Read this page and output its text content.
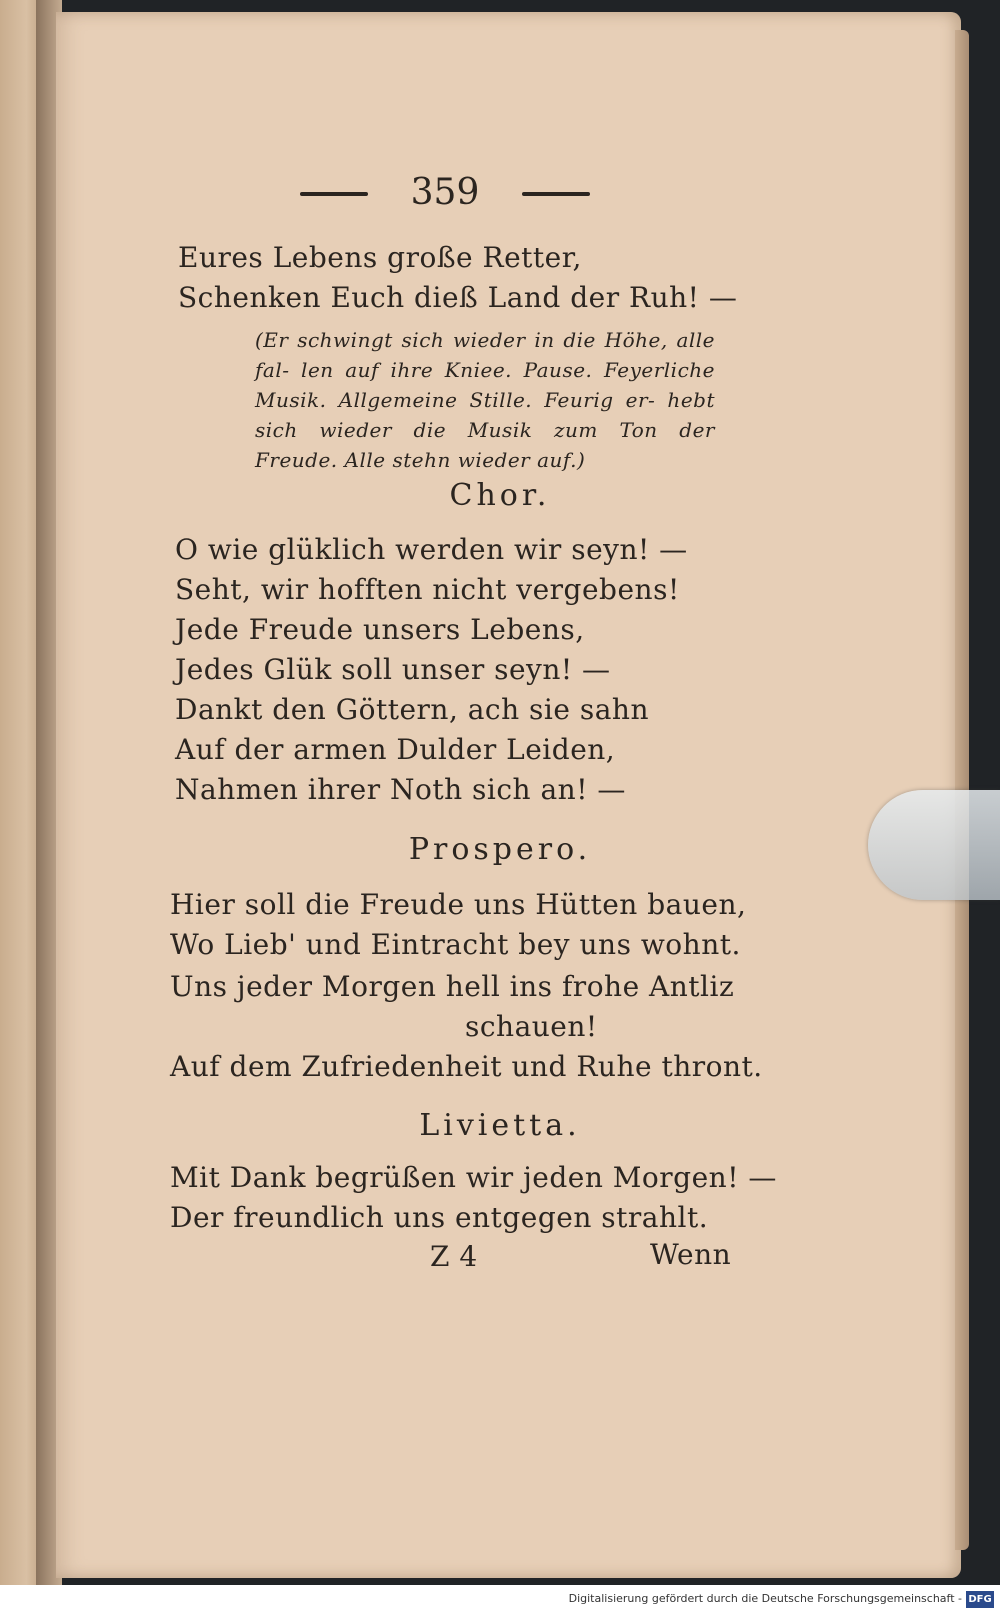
359
Eures Lebens große Retter,
Schenken Euch dieß Land der Ruh! —
(Er schwingt sich wieder in die Höhe, alle fal- len auf ihre Kniee. Pause. Feyerliche Musik. Allgemeine Stille. Feurig er- hebt sich wieder die Musik zum Ton der Freude. Alle stehn wieder auf.)
Chor.
O wie glüklich werden wir seyn! —
Seht, wir hofften nicht vergebens!
Jede Freude unsers Lebens,
Jedes Glük soll unser seyn! —
Dankt den Göttern, ach sie sahn
Auf der armen Dulder Leiden,
Nahmen ihrer Noth sich an! —
Prospero.
Hier soll die Freude uns Hütten bauen,
Wo Lieb' und Eintracht bey uns wohnt.
Uns jeder Morgen hell ins frohe Antliz
schauen!
Auf dem Zufriedenheit und Ruhe thront.
Livietta.
Mit Dank begrüßen wir jeden Morgen! —
Der freundlich uns entgegen strahlt.
Z 4	Wenn
Digitalisierung gefördert durch die Deutsche Forschungsgemeinschaft - DFG
